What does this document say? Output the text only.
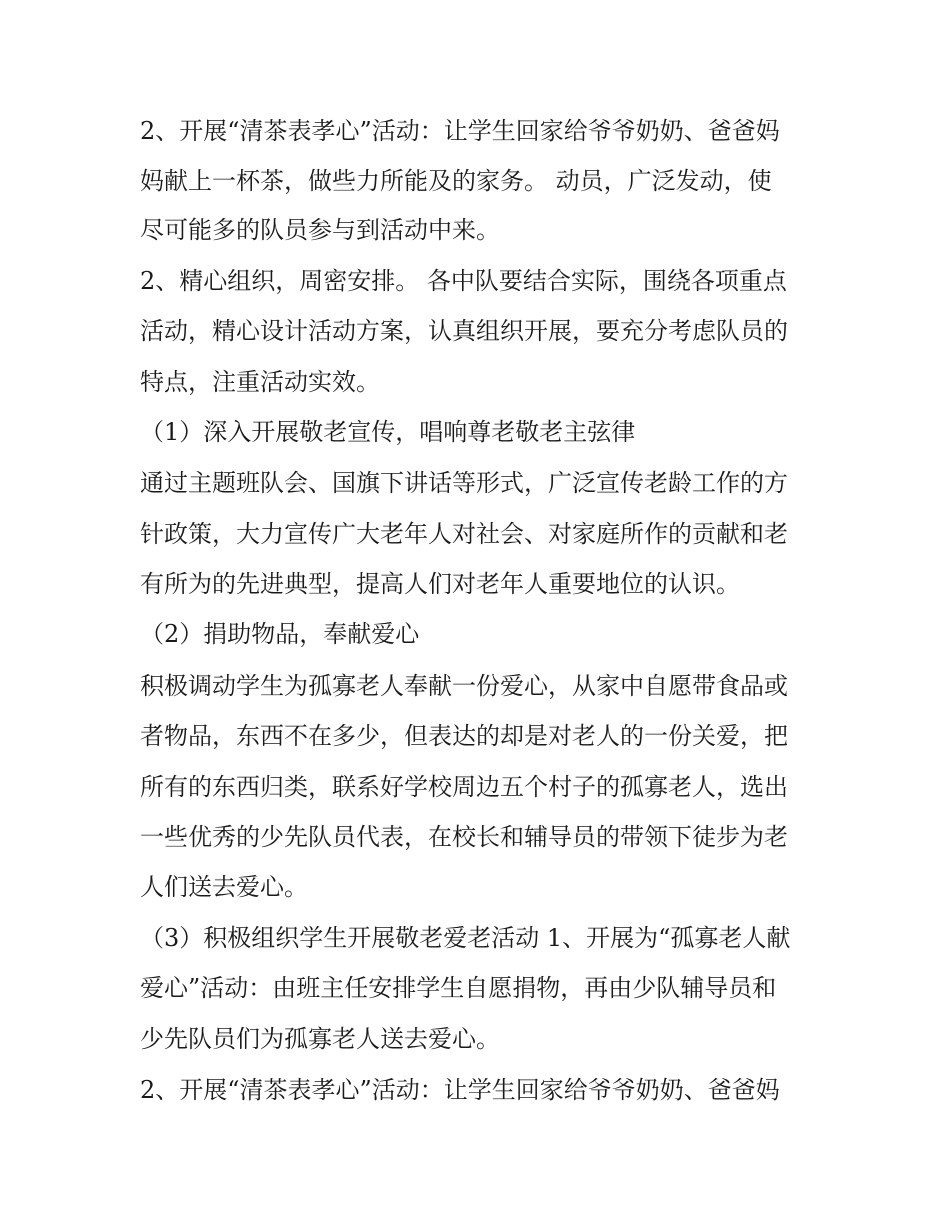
2、开展“清茶表孝心”活动：让学生回家给爷爷奶奶、爸爸妈
妈献上一杯茶，做些力所能及的家务。 动员，广泛发动，使
尽可能多的队员参与到活动中来。
2、精心组织，周密安排。 各中队要结合实际，围绕各项重点
活动，精心设计活动方案，认真组织开展，要充分考虑队员的
特点，注重活动实效。
（1）深入开展敬老宣传，唱响尊老敬老主弦律
通过主题班队会、国旗下讲话等形式，广泛宣传老龄工作的方
针政策，大力宣传广大老年人对社会、对家庭所作的贡献和老
有所为的先进典型，提高人们对老年人重要地位的认识。
（2）捐助物品，奉献爱心
积极调动学生为孤寡老人奉献一份爱心，从家中自愿带食品或
者物品，东西不在多少，但表达的却是对老人的一份关爱，把
所有的东西归类，联系好学校周边五个村子的孤寡老人，选出
一些优秀的少先队员代表，在校长和辅导员的带领下徒步为老
人们送去爱心。
（3）积极组织学生开展敬老爱老活动 1、开展为“孤寡老人献
爱心”活动：由班主任安排学生自愿捐物，再由少队辅导员和
少先队员们为孤寡老人送去爱心。
2、开展“清茶表孝心”活动：让学生回家给爷爷奶奶、爸爸妈
